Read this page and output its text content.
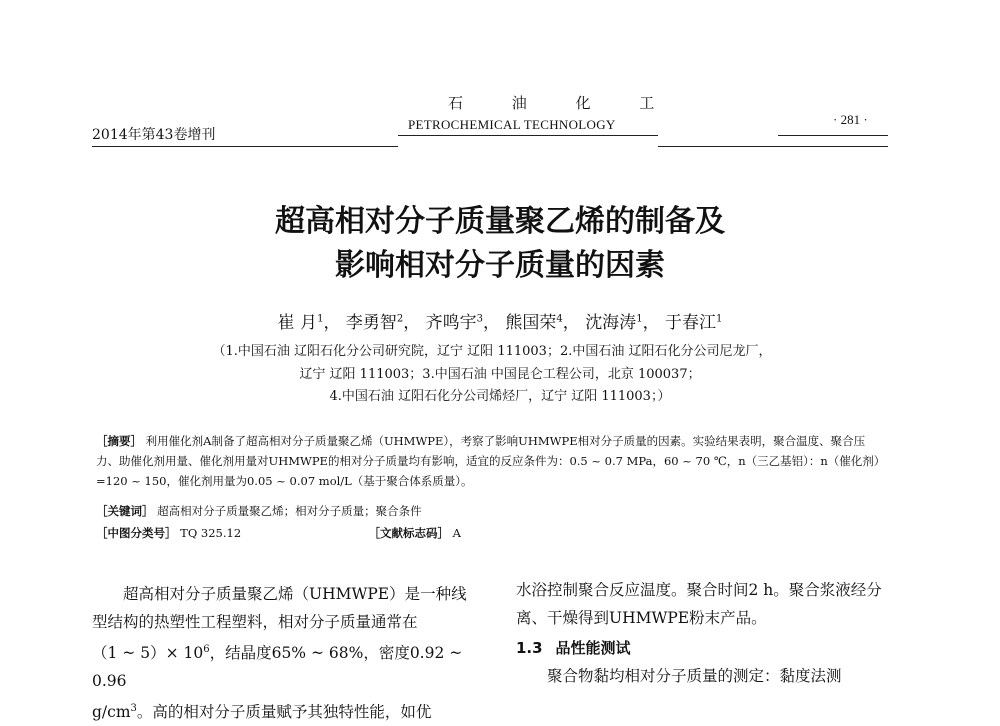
石 油 化 工
PETROCHEMICAL TECHNOLOGY
2014年第43卷增刊
· 281 ·
超高相对分子质量聚乙烯的制备及
影响相对分子质量的因素
崔 月$^1$， 李勇智$^2$， 齐鸣宇$^3$， 熊国荣$^4$， 沈海涛$^1$， 于春江$^1$
（1.中国石油 辽阳石化分公司研究院，辽宁 辽阳 111003；2.中国石油 辽阳石化分公司尼龙厂，
辽宁 辽阳 111003；3.中国石油 中国昆仑工程公司，北京 100037；
4.中国石油 辽阳石化分公司烯烃厂，辽宁 辽阳 111003；）
［摘要］ 利用催化剂A制备了超高相对分子质量聚乙烯（UHMWPE），考察了影响UHMWPE相对分子质量的因素。实验结果表明，聚合温度、聚合压力、助催化剂用量、催化剂用量对UHMWPE的相对分子质量均有影响，适宜的反应条件为：0.5 ~ 0.7 MPa，60 ~ 70 ℃，n（三乙基铝）：n（催化剂）=120 ~ 150，催化剂用量为0.05 ~ 0.07 mol/L（基于聚合体系质量）。
［关键词］ 超高相对分子质量聚乙烯；相对分子质量；聚合条件
［中图分类号］ TQ 325.12	［文献标志码］ A
超高相对分子质量聚乙烯（UHMWPE）是一种线型结构的热塑性工程塑料，相对分子质量通常在
（1 ~ $5)\times 10^6$，结晶度65% ~ 68%，密度0.92 ~ 0.96
$g/cm^3$。高的相对分子质量赋予其独特性能，如优
水浴控制聚合反应温度。聚合时间2 h。聚合浆液经分离、干燥得到UHMWPE粉末产品。
1.3 品性能测试
聚合物黏均相对分子质量的测定：黏度法测
